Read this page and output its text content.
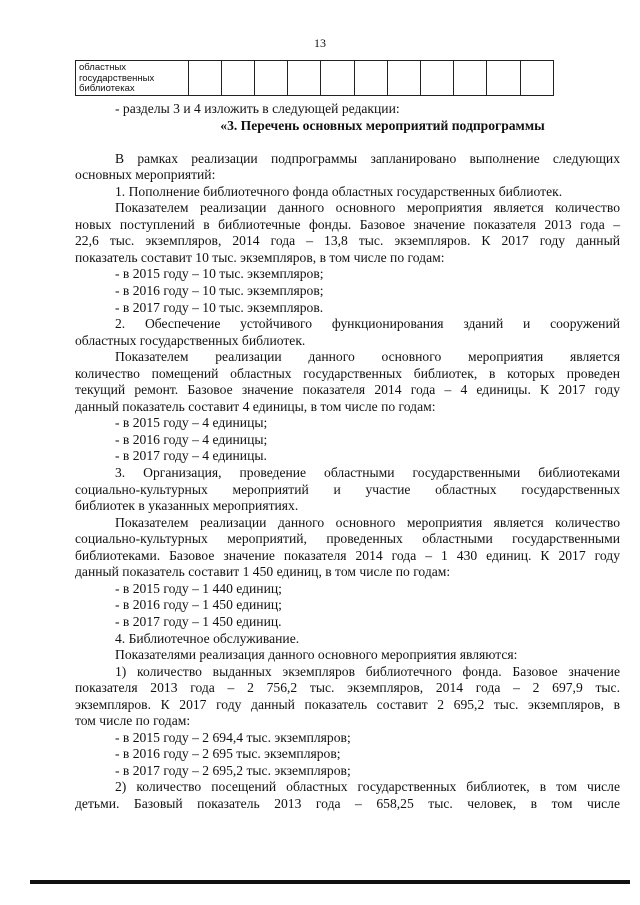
13
областных
государственных
библиотеках

- разделы 3 и 4 изложить в следующей редакции:
«3. Перечень основных мероприятий подпрограммы

В рамках реализации подпрограммы запланировано выполнение следующих
основных мероприятий:
1. Пополнение библиотечного фонда областных государственных библиотек.
Показателем реализации данного основного мероприятия является количество
новых поступлений в библиотечные фонды. Базовое значение показателя 2013 года –
22,6 тыс. экземпляров, 2014 года – 13,8 тыс. экземпляров. К 2017 году данный
показатель составит 10 тыс. экземпляров, в том числе по годам:
- в 2015 году – 10 тыс. экземпляров;
- в 2016 году – 10 тыс. экземпляров;
- в 2017 году – 10 тыс. экземпляров.
2. Обеспечение устойчивого функционирования зданий и сооружений
областных государственных библиотек.
Показателем реализации данного основного мероприятия является
количество помещений областных государственных библиотек, в которых проведен
текущий ремонт. Базовое значение показателя 2014 года – 4 единицы. К 2017 году
данный показатель составит 4 единицы, в том числе по годам:
- в 2015 году – 4 единицы;
- в 2016 году – 4 единицы;
- в 2017 году – 4 единицы.
3. Организация, проведение областными государственными библиотеками
социально-культурных мероприятий и участие областных государственных
библиотек в указанных мероприятиях.
Показателем реализации данного основного мероприятия является количество
социально-культурных мероприятий, проведенных областными государственными
библиотеками. Базовое значение показателя 2014 года – 1 430 единиц. К 2017 году
данный показатель составит 1 450 единиц, в том числе по годам:
- в 2015 году – 1 440 единиц;
- в 2016 году – 1 450 единиц;
- в 2017 году – 1 450 единиц.
4. Библиотечное обслуживание.
Показателями реализация данного основного мероприятия являются:
1) количество выданных экземпляров библиотечного фонда. Базовое значение
показателя 2013 года – 2 756,2 тыс. экземпляров, 2014 года – 2 697,9 тыс.
экземпляров. К 2017 году данный показатель составит 2 695,2 тыс. экземпляров, в
том числе по годам:
- в 2015 году – 2 694,4 тыс. экземпляров;
- в 2016 году – 2 695 тыс. экземпляров;
- в 2017 году – 2 695,2 тыс. экземпляров;
2) количество посещений областных государственных библиотек, в том числе
детьми. Базовый показатель 2013 года – 658,25 тыс. человек, в том числе
